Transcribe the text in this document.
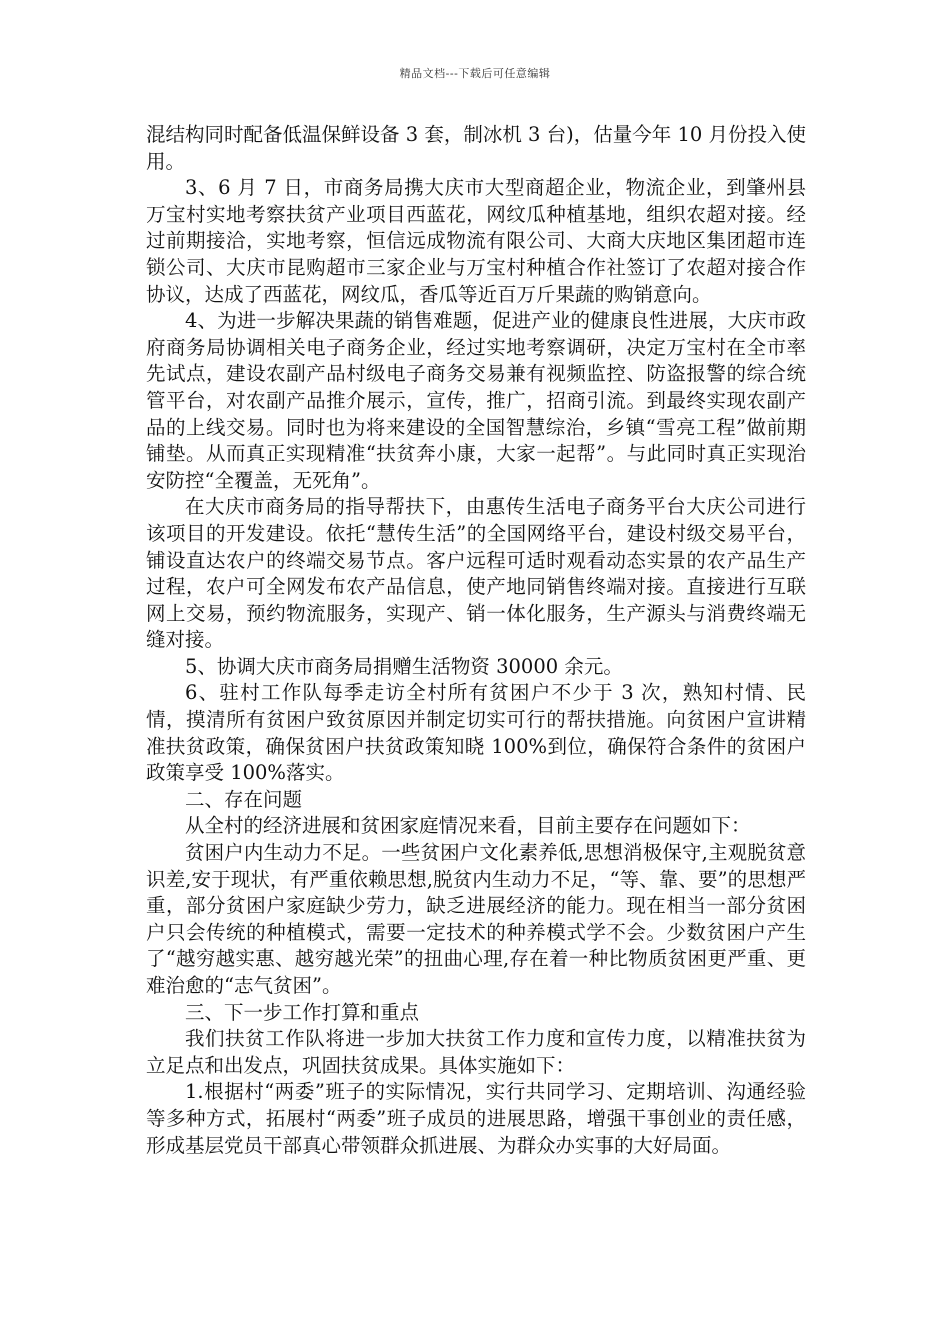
精品文档---下载后可任意编辑

混结构同时配备低温保鲜设备 3 套，制冰机 3 台)，估量今年 10 月份投入使用。

3、6 月 7 日，市商务局携大庆市大型商超企业，物流企业，到肇州县万宝村实地考察扶贫产业项目西蓝花，网纹瓜种植基地，组织农超对接。经过前期接洽，实地考察，恒信远成物流有限公司、大商大庆地区集团超市连锁公司、大庆市昆购超市三家企业与万宝村种植合作社签订了农超对接合作协议，达成了西蓝花，网纹瓜，香瓜等近百万斤果蔬的购销意向。

4、为进一步解决果蔬的销售难题，促进产业的健康良性进展，大庆市政府商务局协调相关电子商务企业，经过实地考察调研，决定万宝村在全市率先试点，建设农副产品村级电子商务交易兼有视频监控、防盗报警的综合统管平台，对农副产品推介展示，宣传，推广，招商引流。到最终实现农副产品的上线交易。同时也为将来建设的全国智慧综治，乡镇“雪亮工程”做前期铺垫。从而真正实现精准“扶贫奔小康，大家一起帮”。与此同时真正实现治安防控“全覆盖，无死角”。

在大庆市商务局的指导帮扶下，由惠传生活电子商务平台大庆公司进行该项目的开发建设。依托“慧传生活”的全国网络平台，建设村级交易平台，铺设直达农户的终端交易节点。客户远程可适时观看动态实景的农产品生产过程，农户可全网发布农产品信息，使产地同销售终端对接。直接进行互联网上交易，预约物流服务，实现产、销一体化服务，生产源头与消费终端无缝对接。

5、协调大庆市商务局捐赠生活物资 30000 余元。

6、驻村工作队每季走访全村所有贫困户不少于 3 次，熟知村情、民情，摸清所有贫困户致贫原因并制定切实可行的帮扶措施。向贫困户宣讲精准扶贫政策，确保贫困户扶贫政策知晓 100%到位，确保符合条件的贫困户政策享受 100%落实。

二、存在问题

从全村的经济进展和贫困家庭情况来看，目前主要存在问题如下：

贫困户内生动力不足。一些贫困户文化素养低,思想消极保守,主观脱贫意识差,安于现状，有严重依赖思想,脱贫内生动力不足，“等、靠、要”的思想严重，部分贫困户家庭缺少劳力，缺乏进展经济的能力。现在相当一部分贫困户只会传统的种植模式，需要一定技术的种养模式学不会。少数贫困户产生了“越穷越实惠、越穷越光荣”的扭曲心理,存在着一种比物质贫困更严重、更难治愈的“志气贫困”。

三、下一步工作打算和重点

我们扶贫工作队将进一步加大扶贫工作力度和宣传力度，以精准扶贫为立足点和出发点，巩固扶贫成果。具体实施如下：

1.根据村“两委”班子的实际情况，实行共同学习、定期培训、沟通经验等多种方式，拓展村“两委”班子成员的进展思路，增强干事创业的责任感，形成基层党员干部真心带领群众抓进展、为群众办实事的大好局面。
